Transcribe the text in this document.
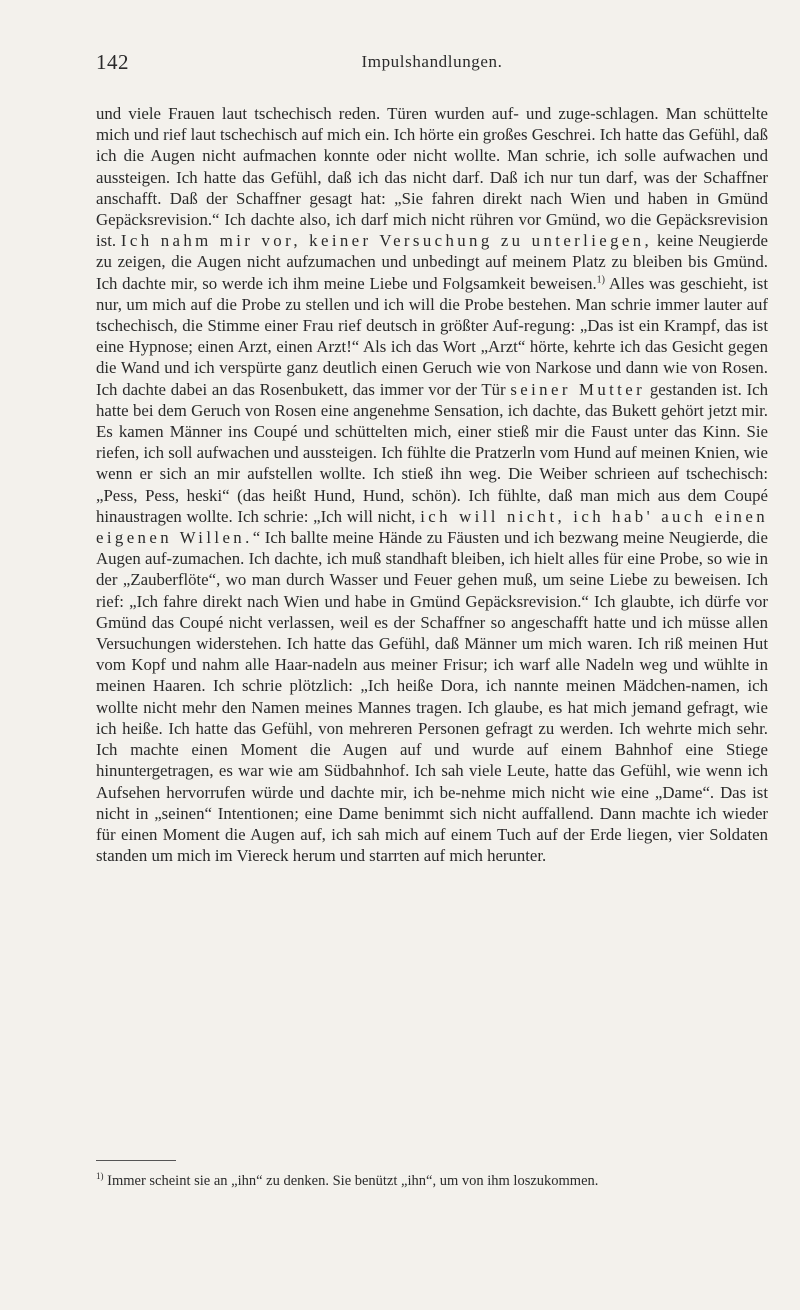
142	Impulshandlungen.

und viele Frauen laut tschechisch reden. Türen wurden auf- und zuge-schlagen. Man schüttelte mich und rief laut tschechisch auf mich ein. Ich hörte ein großes Geschrei. Ich hatte das Gefühl, daß ich die Augen nicht aufmachen konnte oder nicht wollte. Man schrie, ich solle aufwachen und aussteigen. Ich hatte das Gefühl, daß ich das nicht darf. Daß ich nur tun darf, was der Schaffner anschafft. Daß der Schaffner gesagt hat: „Sie fahren direkt nach Wien und haben in Gmünd Gepäcksrevision.“ Ich dachte also, ich darf mich nicht rühren vor Gmünd, wo die Gepäcksrevision ist. Ich nahm mir vor, keiner Versuchung zu unterliegen, keine Neugierde zu zeigen, die Augen nicht aufzumachen und unbedingt auf meinem Platz zu bleiben bis Gmünd. Ich dachte mir, so werde ich ihm meine Liebe und Folgsamkeit beweisen.$^{1)}$ Alles was geschieht, ist nur, um mich auf die Probe zu stellen und ich will die Probe bestehen. Man schrie immer lauter auf tschechisch, die Stimme einer Frau rief deutsch in größter Auf-regung: „Das ist ein Krampf, das ist eine Hypnose; einen Arzt, einen Arzt!“ Als ich das Wort „Arzt“ hörte, kehrte ich das Gesicht gegen die Wand und ich verspürte ganz deutlich einen Geruch wie von Narkose und dann wie von Rosen. Ich dachte dabei an das Rosenbukett, das immer vor der Tür seiner Mutter gestanden ist. Ich hatte bei dem Geruch von Rosen eine angenehme Sensation, ich dachte, das Bukett gehört jetzt mir. Es kamen Männer ins Coupé und schüttelten mich, einer stieß mir die Faust unter das Kinn. Sie riefen, ich soll aufwachen und aussteigen. Ich fühlte die Pratzerln vom Hund auf meinen Knien, wie wenn er sich an mir aufstellen wollte. Ich stieß ihn weg. Die Weiber schrieen auf tschechisch: „Pess, Pess, heski“ (das heißt Hund, Hund, schön). Ich fühlte, daß man mich aus dem Coupé hinaustragen wollte. Ich schrie: „Ich will nicht, ich will nicht, ich hab' auch einen eigenen Willen.“ Ich ballte meine Hände zu Fäusten und ich bezwang meine Neugierde, die Augen auf-zumachen. Ich dachte, ich muß standhaft bleiben, ich hielt alles für eine Probe, so wie in der „Zauberflöte“, wo man durch Wasser und Feuer gehen muß, um seine Liebe zu beweisen. Ich rief: „Ich fahre direkt nach Wien und habe in Gmünd Gepäcksrevision.“ Ich glaubte, ich dürfe vor Gmünd das Coupé nicht verlassen, weil es der Schaffner so angeschafft hatte und ich müsse allen Versuchungen widerstehen. Ich hatte das Gefühl, daß Männer um mich waren. Ich riß meinen Hut vom Kopf und nahm alle Haar-nadeln aus meiner Frisur; ich warf alle Nadeln weg und wühlte in meinen Haaren. Ich schrie plötzlich: „Ich heiße Dora, ich nannte meinen Mädchen-namen, ich wollte nicht mehr den Namen meines Mannes tragen. Ich glaube, es hat mich jemand gefragt, wie ich heiße. Ich hatte das Gefühl, von mehreren Personen gefragt zu werden. Ich wehrte mich sehr. Ich machte einen Moment die Augen auf und wurde auf einem Bahnhof eine Stiege hinuntergetragen, es war wie am Südbahnhof. Ich sah viele Leute, hatte das Gefühl, wie wenn ich Aufsehen hervorrufen würde und dachte mir, ich be-nehme mich nicht wie eine „Dame“. Das ist nicht in „seinen“ Intentionen; eine Dame benimmt sich nicht auffallend. Dann machte ich wieder für einen Moment die Augen auf, ich sah mich auf einem Tuch auf der Erde liegen, vier Soldaten standen um mich im Viereck herum und starrten auf mich herunter.

$^{1)}$ Immer scheint sie an „ihn“ zu denken. Sie benützt „ihn“, um von ihm loszukommen.
